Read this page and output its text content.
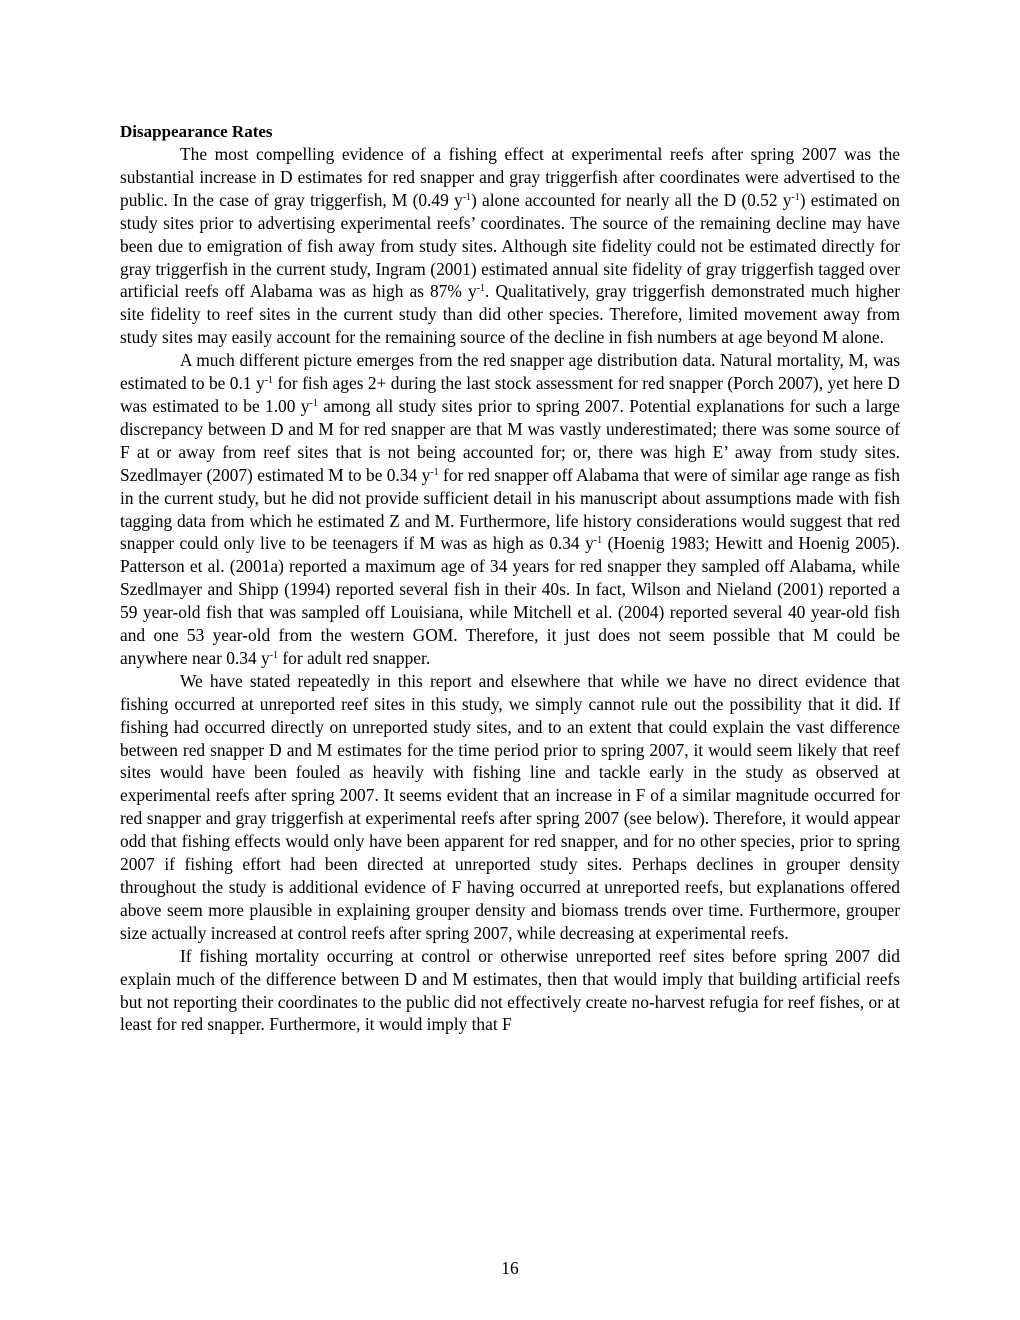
Disappearance Rates

The most compelling evidence of a fishing effect at experimental reefs after spring 2007 was the substantial increase in D estimates for red snapper and gray triggerfish after coordinates were advertised to the public. In the case of gray triggerfish, M (0.49 $y^{-1}$) alone accounted for nearly all the D (0.52 $y^{-1}$) estimated on study sites prior to advertising experimental reefs’ coordinates. The source of the remaining decline may have been due to emigration of fish away from study sites. Although site fidelity could not be estimated directly for gray triggerfish in the current study, Ingram (2001) estimated annual site fidelity of gray triggerfish tagged over artificial reefs off Alabama was as high as 87% $y^{-1}$. Qualitatively, gray triggerfish demonstrated much higher site fidelity to reef sites in the current study than did other species. Therefore, limited movement away from study sites may easily account for the remaining source of the decline in fish numbers at age beyond M alone.

A much different picture emerges from the red snapper age distribution data. Natural mortality, M, was estimated to be 0.1 $y^{-1}$ for fish ages 2+ during the last stock assessment for red snapper (Porch 2007), yet here D was estimated to be 1.00 $y^{-1}$ among all study sites prior to spring 2007. Potential explanations for such a large discrepancy between D and M for red snapper are that M was vastly underestimated; there was some source of F at or away from reef sites that is not being accounted for; or, there was high E’ away from study sites. Szedlmayer (2007) estimated M to be 0.34 $y^{-1}$ for red snapper off Alabama that were of similar age range as fish in the current study, but he did not provide sufficient detail in his manuscript about assumptions made with fish tagging data from which he estimated Z and M. Furthermore, life history considerations would suggest that red snapper could only live to be teenagers if M was as high as 0.34 $y^{-1}$ (Hoenig 1983; Hewitt and Hoenig 2005). Patterson et al. (2001a) reported a maximum age of 34 years for red snapper they sampled off Alabama, while Szedlmayer and Shipp (1994) reported several fish in their 40s. In fact, Wilson and Nieland (2001) reported a 59 year-old fish that was sampled off Louisiana, while Mitchell et al. (2004) reported several 40 year-old fish and one 53 year-old from the western GOM. Therefore, it just does not seem possible that M could be anywhere near 0.34 $y^{-1}$ for adult red snapper.

We have stated repeatedly in this report and elsewhere that while we have no direct evidence that fishing occurred at unreported reef sites in this study, we simply cannot rule out the possibility that it did. If fishing had occurred directly on unreported study sites, and to an extent that could explain the vast difference between red snapper D and M estimates for the time period prior to spring 2007, it would seem likely that reef sites would have been fouled as heavily with fishing line and tackle early in the study as observed at experimental reefs after spring 2007. It seems evident that an increase in F of a similar magnitude occurred for red snapper and gray triggerfish at experimental reefs after spring 2007 (see below). Therefore, it would appear odd that fishing effects would only have been apparent for red snapper, and for no other species, prior to spring 2007 if fishing effort had been directed at unreported study sites. Perhaps declines in grouper density throughout the study is additional evidence of F having occurred at unreported reefs, but explanations offered above seem more plausible in explaining grouper density and biomass trends over time. Furthermore, grouper size actually increased at control reefs after spring 2007, while decreasing at experimental reefs.

If fishing mortality occurring at control or otherwise unreported reef sites before spring 2007 did explain much of the difference between D and M estimates, then that would imply that building artificial reefs but not reporting their coordinates to the public did not effectively create no-harvest refugia for reef fishes, or at least for red snapper. Furthermore, it would imply that F

16
